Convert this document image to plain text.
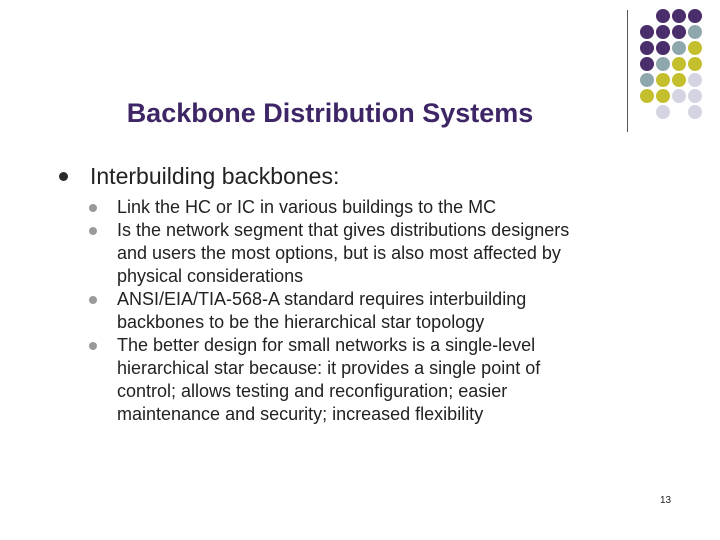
Backbone Distribution Systems
Interbuilding backbones:
Link the HC or IC in various buildings to the MC
Is the network segment that gives distributions designers
and users the most options, but is also most affected by
physical considerations
ANSI/EIA/TIA-568-A standard requires interbuilding
backbones to be the hierarchical star topology
The better design for small networks is a single-level
hierarchical star because: it provides a single point of
control; allows testing and reconfiguration; easier
maintenance and security; increased flexibility
13
